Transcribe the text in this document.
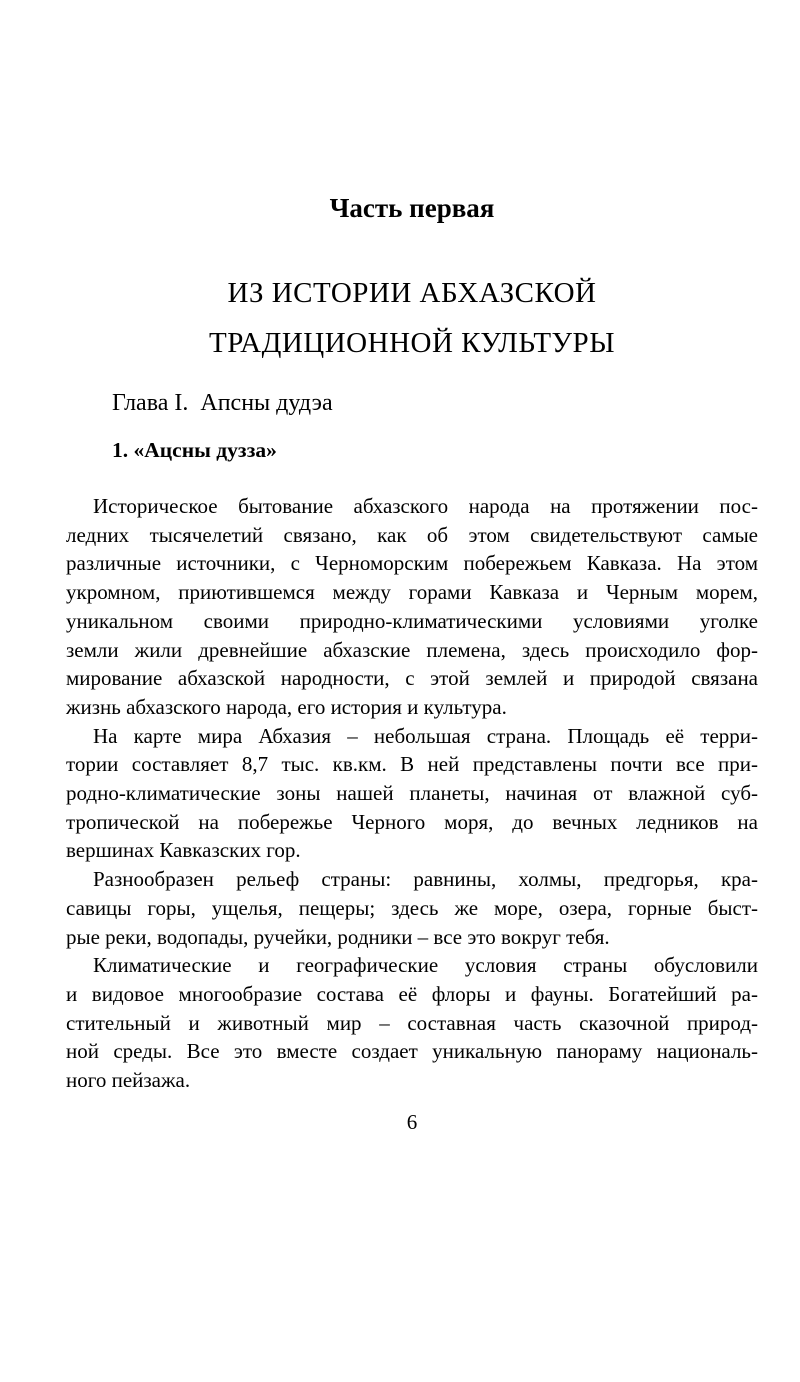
Часть первая
ИЗ ИСТОРИИ АБХАЗСКОЙ
ТРАДИЦИОННОЙ КУЛЬТУРЫ
Глава I.  Апсны дудэа
1. «Ацсны дузза»
Историческое бытование абхазского народа на протяжении пос-
ледних тысячелетий связано, как об этом свидетельствуют самые
различные источники, с Черноморским побережьем Кавказа. На этом
укромном, приютившемся между горами Кавказа и Черным морем,
уникальном своими природно-климатическими условиями уголке
земли жили древнейшие абхазские племена, здесь происходило фор-
мирование абхазской народности, с этой землей и природой связана
жизнь абхазского народа, его история и культура.
На карте мира Абхазия – небольшая страна. Площадь её терри-
тории составляет 8,7 тыс. кв.км. В ней представлены почти все при-
родно-климатические зоны нашей планеты, начиная от влажной суб-
тропической на побережье Черного моря, до вечных ледников на
вершинах Кавказских гор.
Разнообразен рельеф страны: равнины, холмы, предгорья, кра-
савицы горы, ущелья, пещеры; здесь же море, озера, горные быст-
рые реки, водопады, ручейки, родники – все это вокруг тебя.
Климатические и географические условия страны обусловили
и видовое многообразие состава её флоры и фауны. Богатейший ра-
стительный и животный мир – составная часть сказочной природ-
ной среды. Все это вместе создает уникальную панораму националь-
ного пейзажа.
6
